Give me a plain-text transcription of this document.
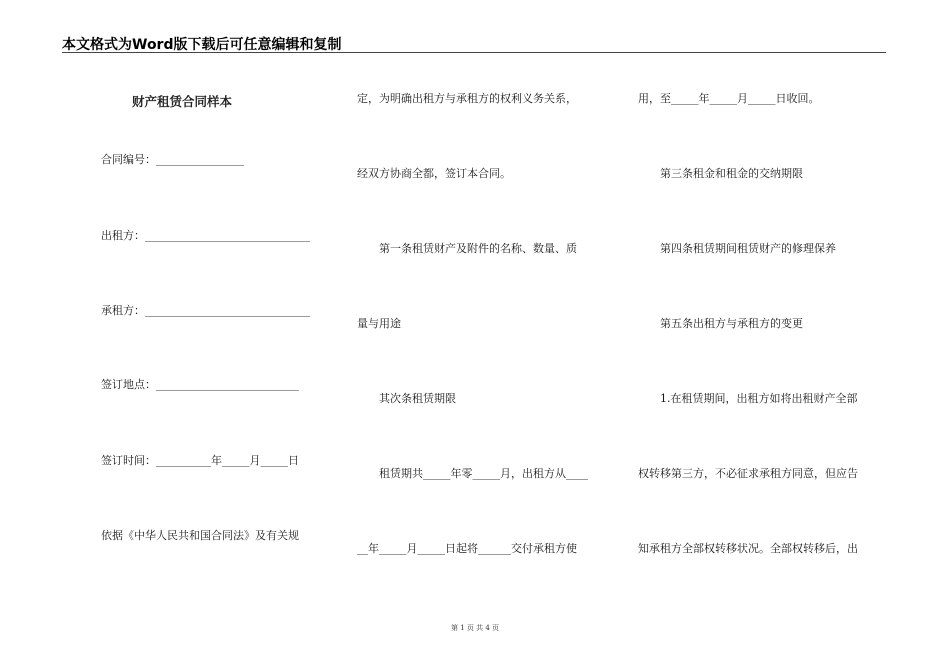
本文格式为Word版下载后可任意编辑和复制
财产租赁合同样本
合同编号：________________
出租方：______________________________
承租方：______________________________
签订地点：__________________________
签订时间：__________年_____月_____日
依据《中华人民共和国合同法》及有关规
定，为明确出租方与承租方的权利义务关系，
经双方协商全都，签订本合同。
　　第一条租赁财产及附件的名称、数量、质
量与用途
　　其次条租赁期限
　　租赁期共_____年零_____月，出租方从____
__年_____月_____日起将______交付承租方使
用，至_____年_____月_____日收回。
　　第三条租金和租金的交纳期限
　　第四条租赁期间租赁财产的修理保养
　　第五条出租方与承租方的变更
　　1.在租赁期间，出租方如将出租财产全部
权转移第三方，不必征求承租方同意，但应告
知承租方全部权转移状况。全部权转移后，出
第 1 页 共 4 页
